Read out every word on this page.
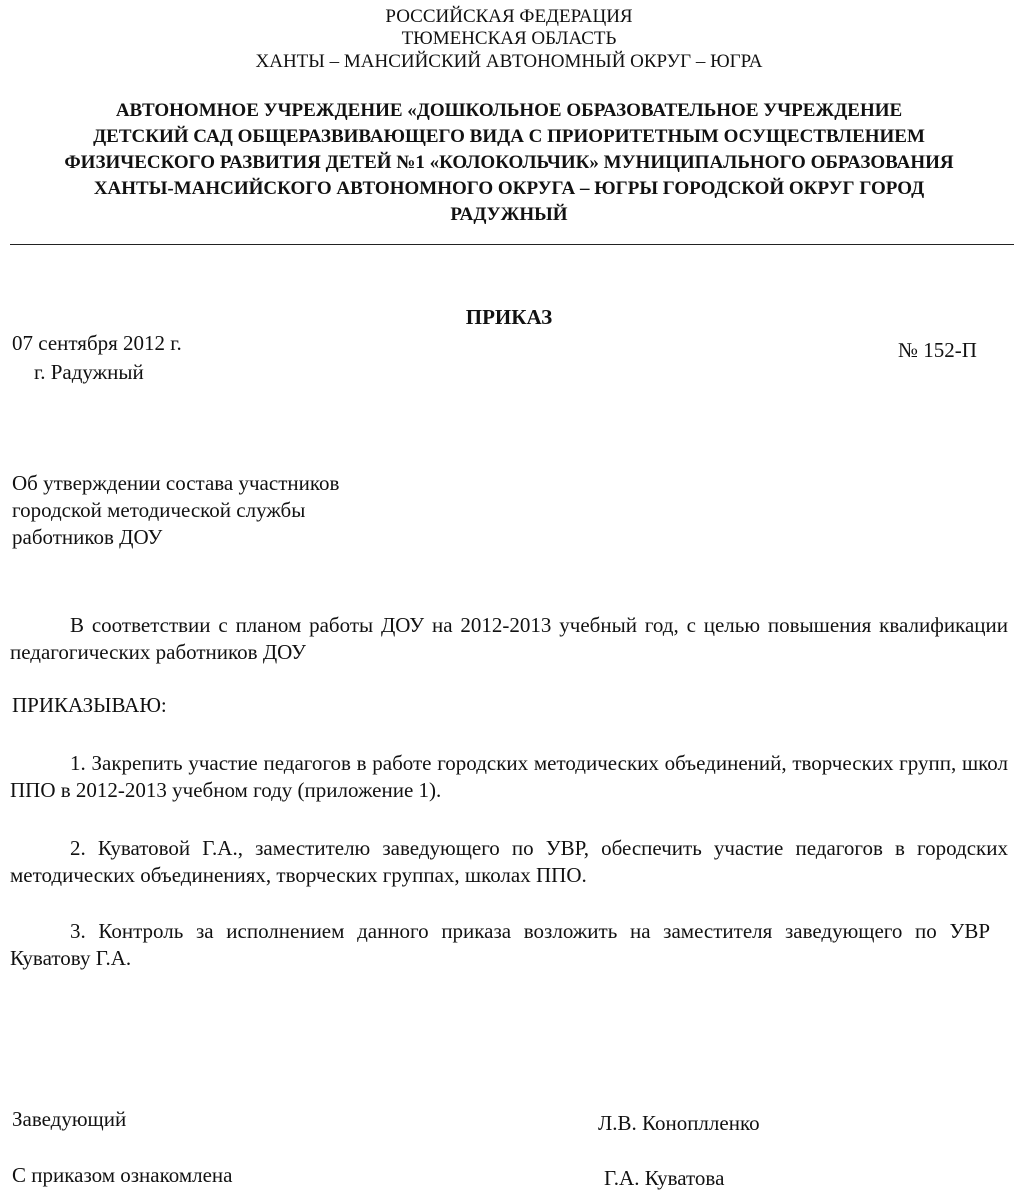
РОССИЙСКАЯ ФЕДЕРАЦИЯ
ТЮМЕНСКАЯ ОБЛАСТЬ
ХАНТЫ – МАНСИЙСКИЙ АВТОНОМНЫЙ ОКРУГ – ЮГРА
АВТОНОМНОЕ УЧРЕЖДЕНИЕ «ДОШКОЛЬНОЕ ОБРАЗОВАТЕЛЬНОЕ УЧРЕЖДЕНИЕ
ДЕТСКИЙ САД ОБЩЕРАЗВИВАЮЩЕГО ВИДА С ПРИОРИТЕТНЫМ ОСУЩЕСТВЛЕНИЕМ
ФИЗИЧЕСКОГО РАЗВИТИЯ ДЕТЕЙ №1 «КОЛОКОЛЬЧИК» МУНИЦИПАЛЬНОГО ОБРАЗОВАНИЯ
ХАНТЫ-МАНСИЙСКОГО АВТОНОМНОГО ОКРУГА – ЮГРЫ ГОРОДСКОЙ ОКРУГ ГОРОД
РАДУЖНЫЙ
ПРИКАЗ
07 сентября 2012 г.	№ 152-П
г. Радужный
Об утверждении состава участников
городской методической службы
работников ДОУ
В соответствии с планом работы ДОУ на 2012-2013 учебный год, с целью повышения квалификации педагогических работников ДОУ
ПРИКАЗЫВАЮ:
1. Закрепить участие педагогов в работе городских методических объединений, творческих групп, школ ППО в 2012-2013 учебном году (приложение 1).
2. Куватовой Г.А., заместителю заведующего по УВР, обеспечить участие педагогов в городских методических объединениях, творческих группах, школах ППО.
3. Контроль за исполнением данного приказа возложить на заместителя заведующего по УВР Куватову Г.А.
Заведующий	Л.В. Коноплленко
С приказом ознакомлена	Г.А. Куватова
